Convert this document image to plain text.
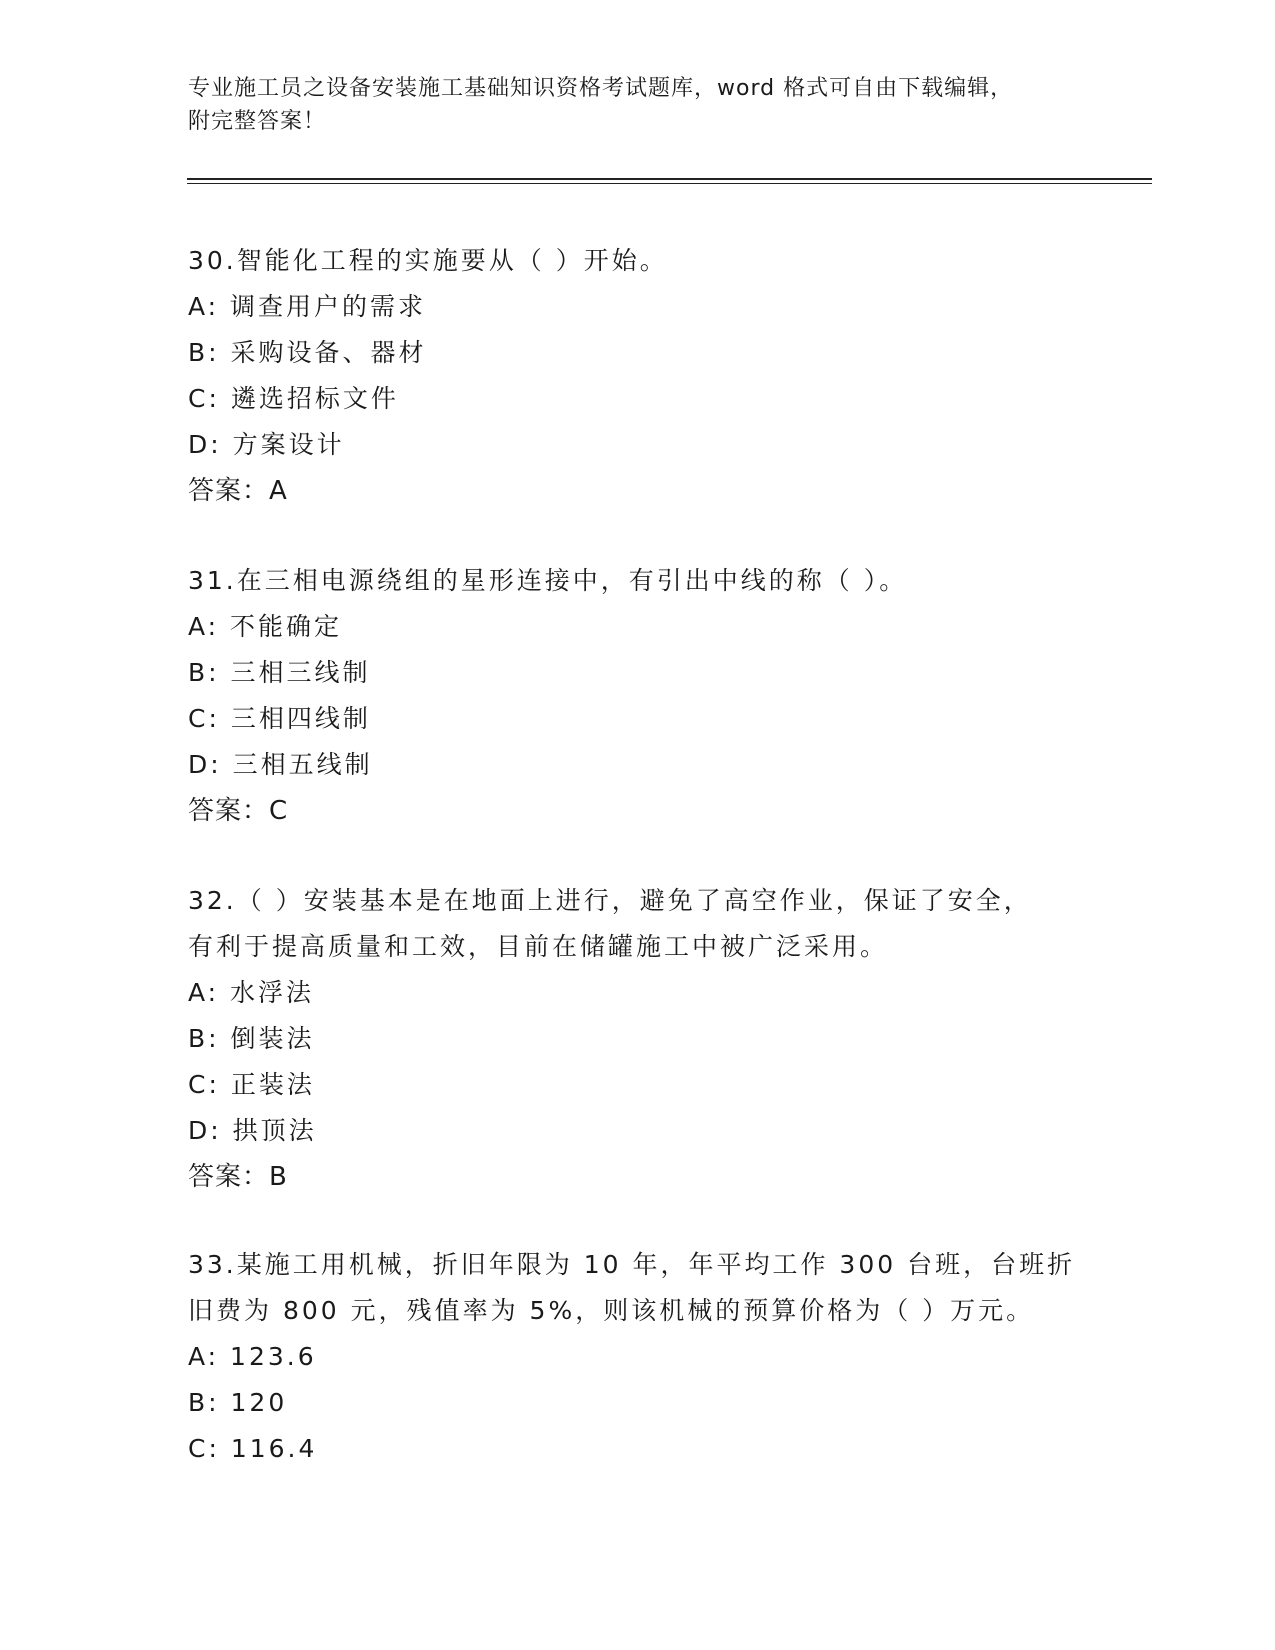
专业施工员之设备安装施工基础知识资格考试题库，word 格式可自由下载编辑，
附完整答案！
30.智能化工程的实施要从（ ）开始。
A: 调查用户的需求
B: 采购设备、器材
C: 遴选招标文件
D: 方案设计
答案：A
31.在三相电源绕组的星形连接中，有引出中线的称（ ）。
A: 不能确定
B: 三相三线制
C: 三相四线制
D: 三相五线制
答案：C
32.（ ）安装基本是在地面上进行，避免了高空作业，保证了安全，
有利于提高质量和工效，目前在储罐施工中被广泛采用。
A: 水浮法
B: 倒装法
C: 正装法
D: 拱顶法
答案：B
33.某施工用机械，折旧年限为 10 年，年平均工作 300 台班，台班折
旧费为 800 元，残值率为 5%，则该机械的预算价格为（ ）万元。
A: 123.6
B: 120
C: 116.4
